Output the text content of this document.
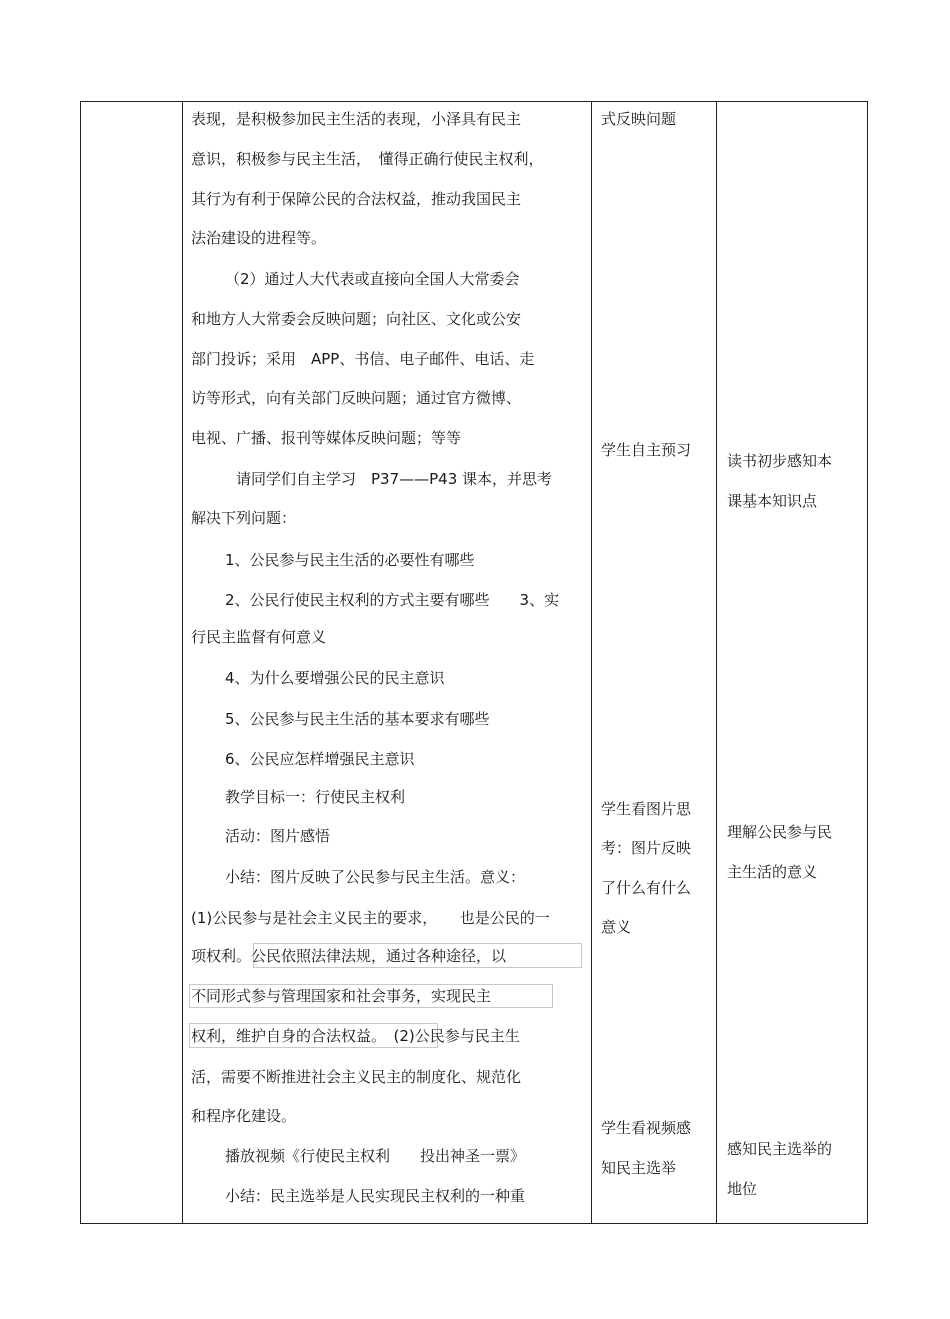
表现，是积极参加民主生活的表现，小泽具有民主
意识，积极参与民主生活，　懂得正确行使民主权利，
其行为有利于保障公民的合法权益，推动我国民主
法治建设的进程等。
（2）通过人大代表或直接向全国人大常委会
和地方人大常委会反映问题；向社区、文化或公安
部门投诉；采用　APP、书信、电子邮件、电话、走
访等形式，向有关部门反映问题；通过官方微博、
电视、广播、报刊等媒体反映问题；等等
请同学们自主学习　P37——P43 课本，并思考
解决下列问题：
1、公民参与民主生活的必要性有哪些
2、公民行使民主权利的方式主要有哪些　　3、实
行民主监督有何意义
4、为什么要增强公民的民主意识
5、公民参与民主生活的基本要求有哪些
6、公民应怎样增强民主意识
教学目标一：行使民主权利
活动：图片感悟
小结：图片反映了公民参与民主生活。意义：
(1)公民参与是社会主义民主的要求，　　也是公民的一
项权利。公民依照法律法规，通过各种途径，以
不同形式参与管理国家和社会事务，实现民主
权利，维护自身的合法权益。　(2)公民参与民主生
活，需要不断推进社会主义民主的制度化、规范化
和程序化建设。
播放视频《行使民主权利　　投出神圣一票》
小结：民主选举是人民实现民主权利的一种重
式反映问题
学生自主预习
学生看图片思
考：图片反映
了什么有什么
意义
学生看视频感
知民主选举
读书初步感知本
课基本知识点
理解公民参与民
主生活的意义
感知民主选举的
地位
